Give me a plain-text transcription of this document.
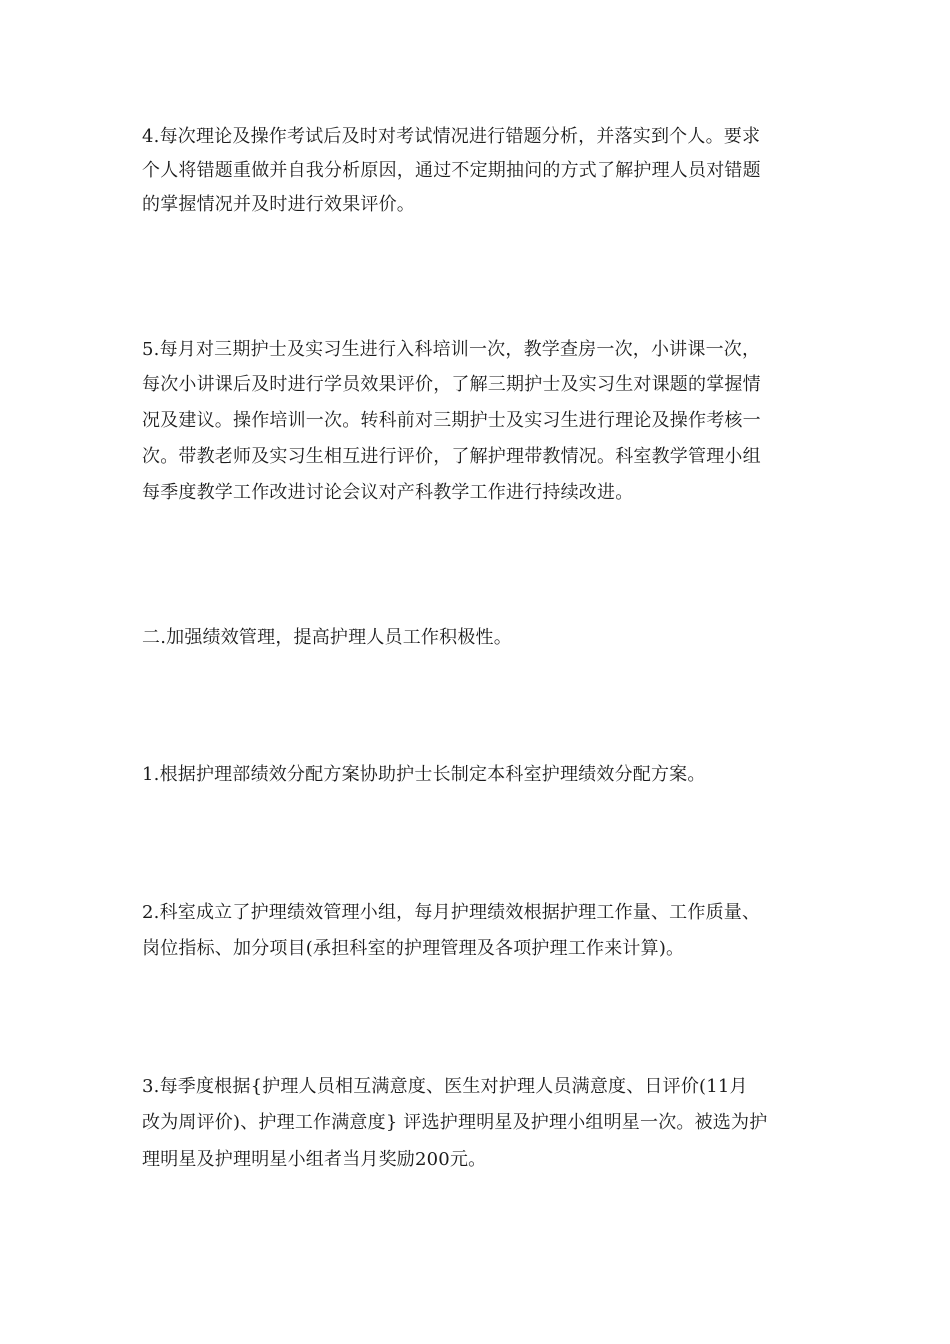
4.每次理论及操作考试后及时对考试情况进行错题分析，并落实到个人。要求
个人将错题重做并自我分析原因，通过不定期抽问的方式了解护理人员对错题
的掌握情况并及时进行效果评价。
5.每月对三期护士及实习生进行入科培训一次，教学查房一次，小讲课一次，
每次小讲课后及时进行学员效果评价，了解三期护士及实习生对课题的掌握情
况及建议。操作培训一次。转科前对三期护士及实习生进行理论及操作考核一
次。带教老师及实习生相互进行评价，了解护理带教情况。科室教学管理小组
每季度教学工作改进讨论会议对产科教学工作进行持续改进。
二.加强绩效管理，提高护理人员工作积极性。
1.根据护理部绩效分配方案协助护士长制定本科室护理绩效分配方案。
2.科室成立了护理绩效管理小组，每月护理绩效根据护理工作量、工作质量、
岗位指标、加分项目(承担科室的护理管理及各项护理工作来计算)。
3.每季度根据{护理人员相互满意度、医生对护理人员满意度、日评价(11月
改为周评价)、护理工作满意度} 评选护理明星及护理小组明星一次。被选为护
理明星及护理明星小组者当月奖励200元。
